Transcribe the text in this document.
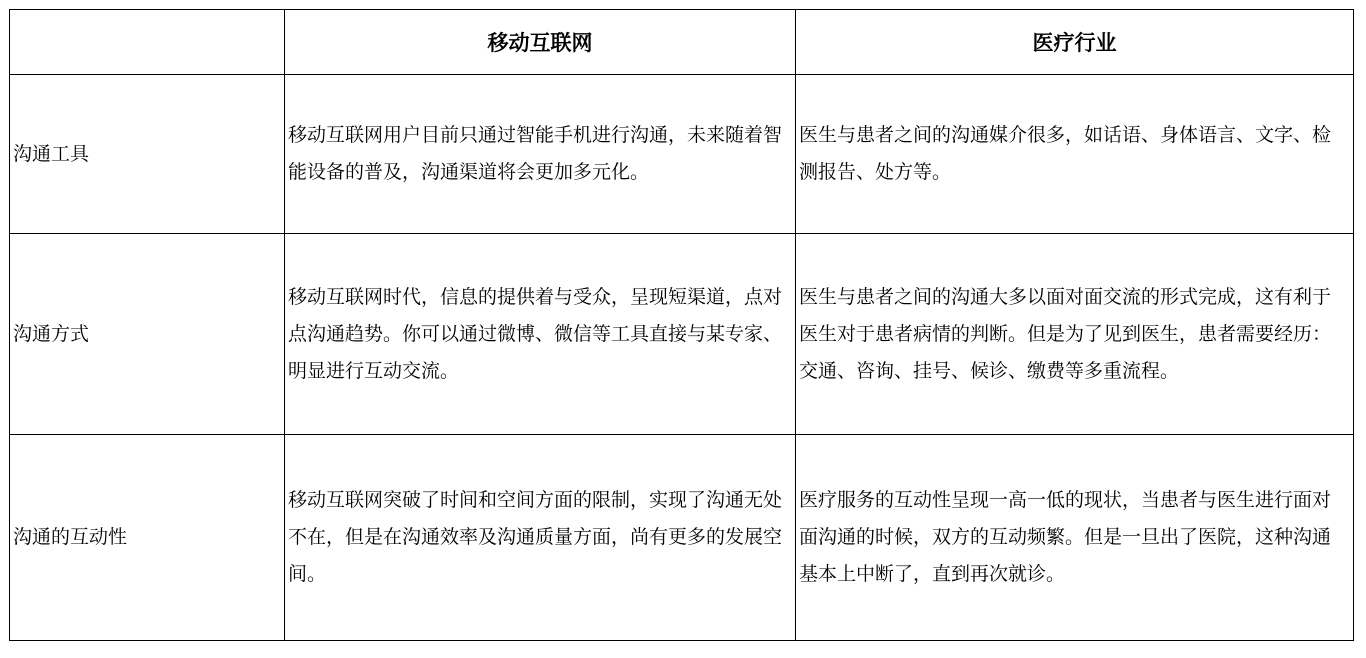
	移动互联网	医疗行业

沟通工具	移动互联网用户目前只通过智能手机进行沟通，未来随着智能设备的普及，沟通渠道将会更加多元化。	医生与患者之间的沟通媒介很多，如话语、身体语言、文字、检测报告、处方等。

沟通方式	移动互联网时代，信息的提供着与受众，呈现短渠道，点对点沟通趋势。你可以通过微博、微信等工具直接与某专家、明显进行互动交流。	医生与患者之间的沟通大多以面对面交流的形式完成，这有利于医生对于患者病情的判断。但是为了见到医生，患者需要经历：交通、咨询、挂号、候诊、缴费等多重流程。

沟通的互动性	移动互联网突破了时间和空间方面的限制，实现了沟通无处不在，但是在沟通效率及沟通质量方面，尚有更多的发展空间。	医疗服务的互动性呈现一高一低的现状，当患者与医生进行面对面沟通的时候，双方的互动频繁。但是一旦出了医院，这种沟通基本上中断了，直到再次就诊。
